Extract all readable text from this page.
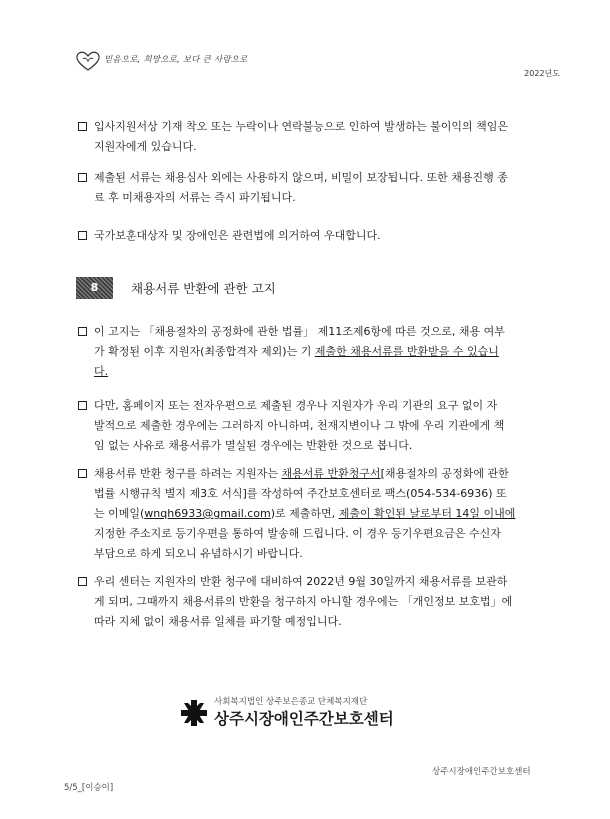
믿음으로, 희망으로, 보다 큰 사랑으로
2022년도
입사지원서상 기재 착오 또는 누락이나 연락불능으로 인하여 발생하는 불이익의 책임은
지원자에게 있습니다.
제출된 서류는 채용심사 외에는 사용하지 않으며, 비밀이 보장됩니다. 또한 채용진행 종
료 후 미채용자의 서류는 즉시 파기됩니다.
국가보훈대상자 및 장애인은 관련법에 의거하여 우대합니다.
8	채용서류 반환에 관한 고지
이 고지는 「채용절차의 공정화에 관한 법률」 제11조제6항에 따른 것으로, 채용 여부
가 확정된 이후 지원자(최종합격자 제외)는 기 제출한 채용서류를 반환받을 수 있습니
다.
다만, 홈페이지 또는 전자우편으로 제출된 경우나 지원자가 우리 기관의 요구 없이 자
발적으로 제출한 경우에는 그러하지 아니하며, 천재지변이나 그 밖에 우리 기관에게 책
임 없는 사유로 채용서류가 멸실된 경우에는 반환한 것으로 봅니다.
채용서류 반환 청구를 하려는 지원자는 채용서류 반환청구서[채용절차의 공정화에 관한
법률 시행규칙 별지 제3호 서식]를 작성하여 주간보호센터로 팩스(054-534-6936) 또
는 이메일(wnqh6933@gmail.com)로 제출하면, 제출이 확인된 날로부터 14일 이내에
지정한 주소지로 등기우편을 통하여 발송해 드립니다. 이 경우 등기우편요금은 수신자
부담으로 하게 되오니 유념하시기 바랍니다.
우리 센터는 지원자의 반환 청구에 대비하여 2022년 9월 30일까지 채용서류를 보관하
게 되며, 그때까지 채용서류의 반환을 청구하지 아니할 경우에는 「개인정보 보호법」에
따라 지체 없이 채용서류 일체를 파기할 예정입니다.
사회복지법인 상주보은종교 단체복지재단
상주시장애인주간보호센터
상주시장애인주간보호센터
5/5_[이승이]
